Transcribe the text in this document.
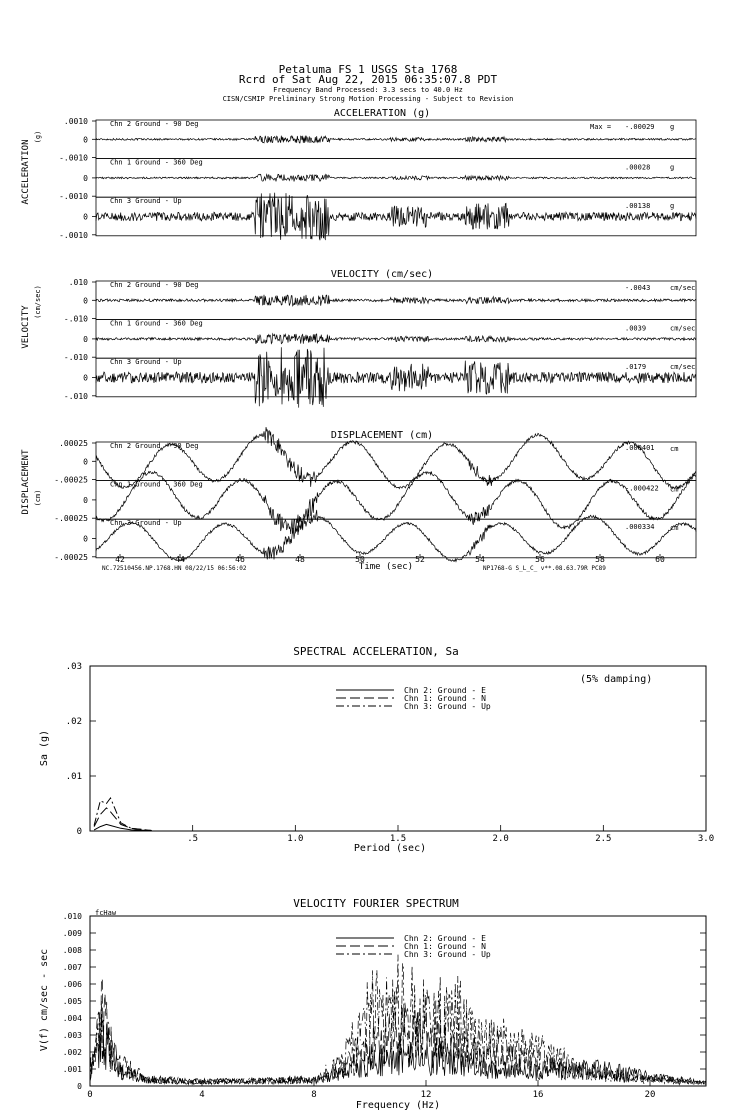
Petaluma FS 1 USGS Sta 1768
Rcrd of Sat Aug 22, 2015 06:35:07.8 PDT
Frequency Band Processed: 3.3 secs to 40.0 Hz
CISN/CSMIP Preliminary Strong Motion Processing - Subject to Revision
ACCELERATION (g)
ACCELERATION
(g)
.0010
0
-.0010
Chn 2 Ground - 90 Deg	Max = -.00029 g
0
-.0010
Chn 1 Ground - 360 Deg
.00028	g
0
-.0010
Chn 3 Ground - Up
.00138	g
VELOCITY (cm/sec)
VELOCITY
(cm/sec)
.010
0
-.010
Chn 2 Ground - 90 Deg	-.0043	cm/sec
0
-.010
Chn 1 Ground - 360 Deg
.0039	cm/sec
0
-.010
Chn 3 Ground - Up
.0179	cm/sec
DISPLACEMENT (cm)
DISPLACEMENT (cm)
Time (sec)
NC.72510456.NP.1768.HN 08/22/15 06:56:02	NP1768-G S_L_C_ v**.08.63.79R PC89
42	44	46	48	50	52	54	56	58	60
.00025
0
-.00025
Chn 2 Ground - 90 Deg	.000401 cm
0
-.00025
Chn 1 Ground - 360 Deg	-.000422 cm
0
-.00025
Chn 3 Ground - Up	.000334 cm
SPECTRAL ACCELERATION, Sa
(5% damping)
Sa (g)
Period (sec)
Chn 2: Ground - E
Chn 1: Ground - N
Chn 3: Ground - Up
.5	1.0	1.5	2.0	2.5	3.0
.03
.02
.01
0
VELOCITY FOURIER SPECTRUM
fcHaw
V(f) cm/sec - sec
Frequency (Hz)
Chn 2: Ground - E
Chn 1: Ground - N
Chn 3: Ground - Up
0	4	8	12	16	20
.010
.009
.008
.007
.006
.005
.004
.003
.002
.001
0
